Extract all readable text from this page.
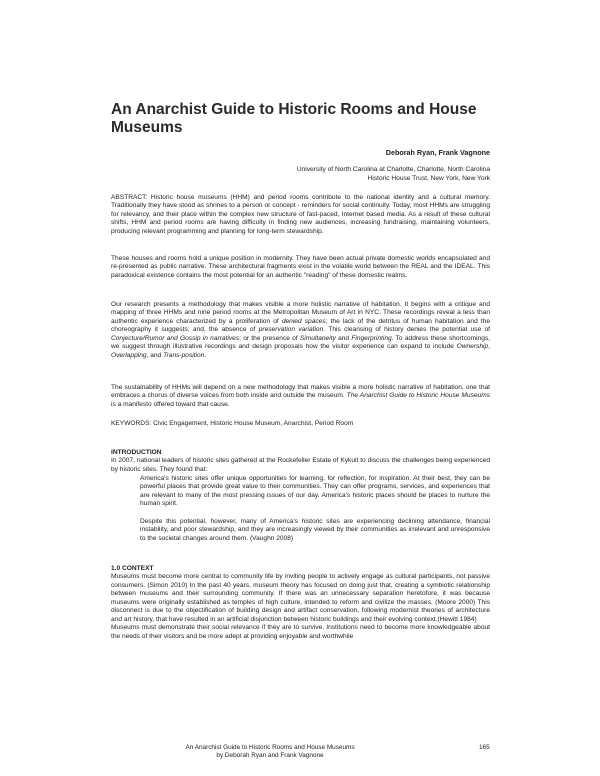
An Anarchist Guide to Historic Rooms and House Museums
Deborah Ryan, Frank Vagnone
University of North Carolina at Charlotte, Charlotte, North Carolina
Historic House Trust, New York, New York

ABSTRACT: Historic house museums (HHM) and period rooms contribute to the national identity and a cultural memory. Traditionally they have stood as shrines to a person or concept - reminders for social continuity. Today, most HHMs are struggling for relevancy, and their place within the complex new structure of fast-paced, Internet based media. As a result of these cultural shifts, HHM and period rooms are having difficulty in finding new audiences, increasing fundraising, maintaining volunteers, producing relevant programming and planning for long-term stewardship.

These houses and rooms hold a unique position in modernity. They have been actual private domestic worlds encapsulated and re-presented as public narrative. These architectural fragments exist in the volatile world between the REAL and the IDEAL. This paradoxical existence contains the most potential for an authentic "reading" of these domestic realms.

Our research presents a methodology that makes visible a more holistic narrative of habitation. It begins with a critique and mapping of three HHMs and nine period rooms at the Metropolitan Museum of Art in NYC. These recordings reveal a less than authentic experience characterized by a proliferation of denied spaces; the lack of the detritus of human habitation and the choreography it suggests; and, the absence of preservation variation. This cleansing of history denies the potential use of Conjecture/Rumor and Gossip in narratives; or the presence of Simultaneity and Fingerprinting. To address these shortcomings, we suggest through illustrative recordings and design proposals how the visitor experience can expand to include Ownership, Overlapping, and Trans-position.

The sustainability of HHMs will depend on a new methodology that makes visible a more holistic narrative of habitation, one that embraces a chorus of diverse voices from both inside and outside the museum. The Anarchist Guide to Historic House Museums is a manifesto offered toward that cause.

KEYWORDS: Civic Engagement, Historic House Museum, Anarchist, Period Room

INTRODUCTION

In 2007, national leaders of historic sites gathered at the Rockefeller Estate of Kykuit to discuss the challenges being experienced by historic sites. They found that:

America's historic sites offer unique opportunities for learning, for reflection, for inspiration. At their best, they can be powerful places that provide great value to their communities. They can offer programs, services, and experiences that are relevant to many of the most pressing issues of our day. America's historic places should be places to nurture the human spirit.

Despite this potential, however, many of America's historic sites are experiencing declining attendance, financial instability, and poor stewardship, and they are increasingly viewed by their communities as irrelevant and unresponsive to the societal changes around them. (Vaughn 2008)

1.0 CONTEXT

Museums must become more central to community life by inviting people to actively engage as cultural participants, not passive consumers. (Simon 2010) In the past 40 years, museum theory has focused on doing just that, creating a symbiotic relationship between museums and their surrounding community. If there was an unnecessary separation heretofore, it was because museums were originally established as temples of high culture, intended to reform and civilize the masses. (Moore 2000) This disconnect is due to the objectification of building design and artifact conservation, following modernist theories of architecture and art history, that have resulted in an artificial disjunction between historic buildings and their evolving context.(Hewitt 1984)

Museums must demonstrate their social relevance if they are to survive. Institutions need to become more knowledgeable about the needs of their visitors and be more adept at providing enjoyable and worthwhile

An Anarchist Guide to Historic Rooms and House Museums
by Deborah Ryan and Frank Vagnone
165
